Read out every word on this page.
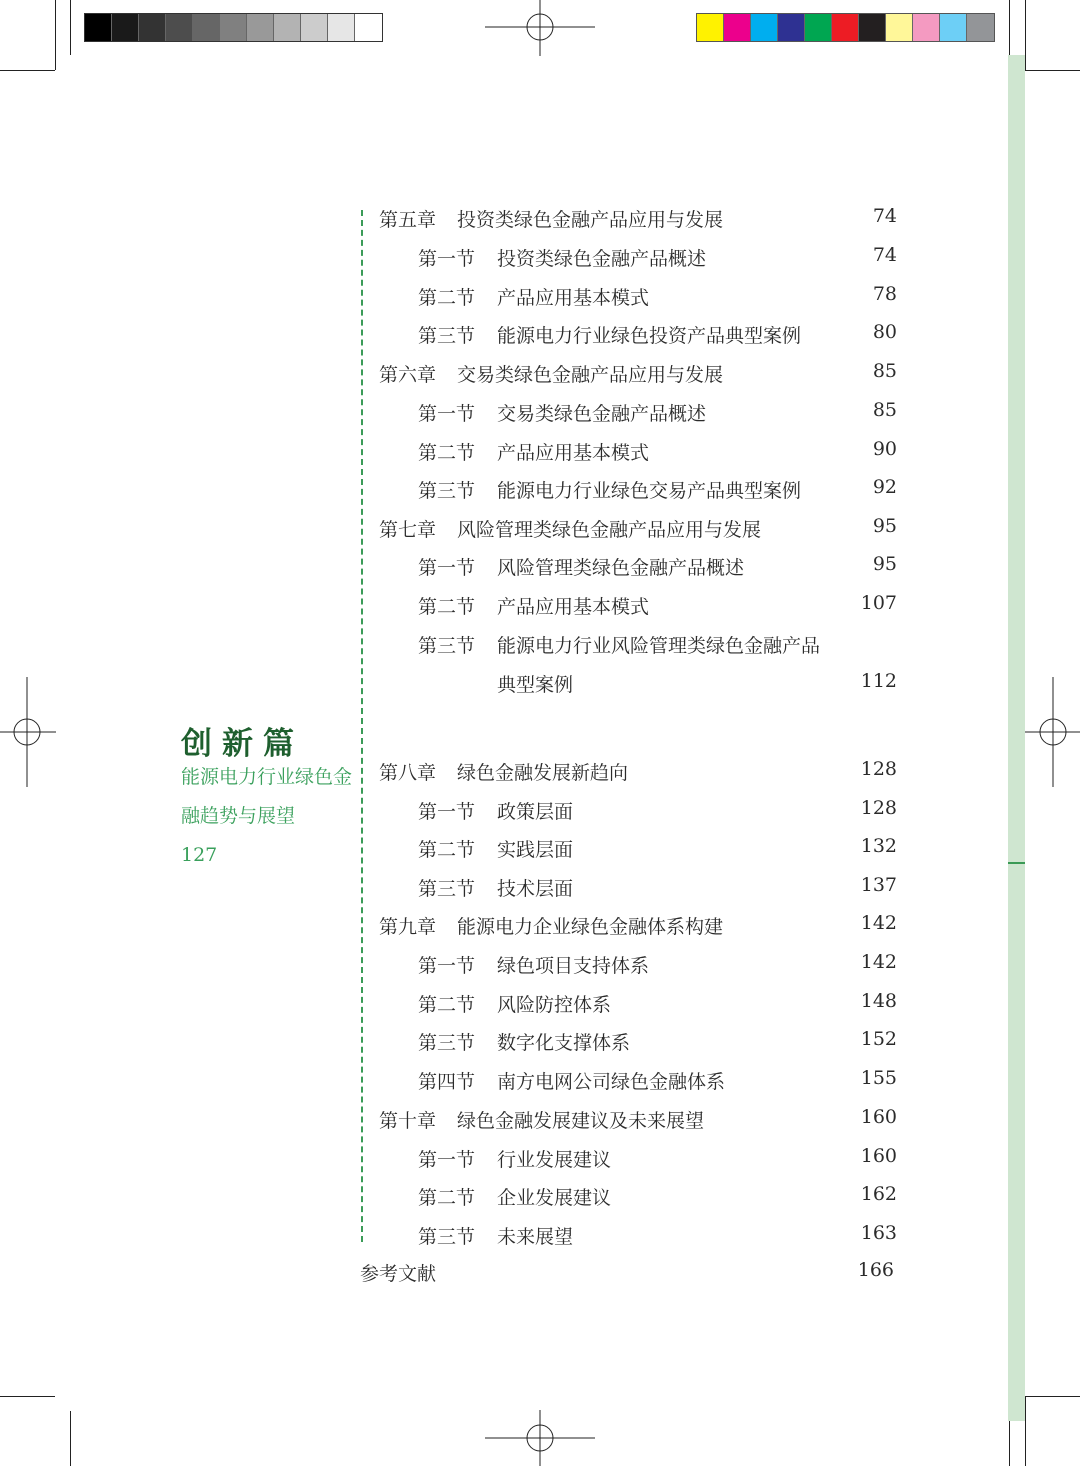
创新篇
能源电力行业绿色金
融趋势与展望
127
第五章 投资类绿色金融产品应用与发展	74
第一节 投资类绿色金融产品概述	74
第二节 产品应用基本模式	78
第三节 能源电力行业绿色投资产品典型案例	80
第六章 交易类绿色金融产品应用与发展	85
第一节 交易类绿色金融产品概述	85
第二节 产品应用基本模式	90
第三节 能源电力行业绿色交易产品典型案例	92
第七章 风险管理类绿色金融产品应用与发展	95
第一节 风险管理类绿色金融产品概述	95
第二节 产品应用基本模式	107
第三节 能源电力行业风险管理类绿色金融产品
典型案例	112
第八章 绿色金融发展新趋向	128
第一节 政策层面	128
第二节 实践层面	132
第三节 技术层面	137
第九章 能源电力企业绿色金融体系构建	142
第一节 绿色项目支持体系	142
第二节 风险防控体系	148
第三节 数字化支撑体系	152
第四节 南方电网公司绿色金融体系	155
第十章 绿色金融发展建议及未来展望	160
第一节 行业发展建议	160
第二节 企业发展建议	162
第三节 未来展望	163
参考文献	166
